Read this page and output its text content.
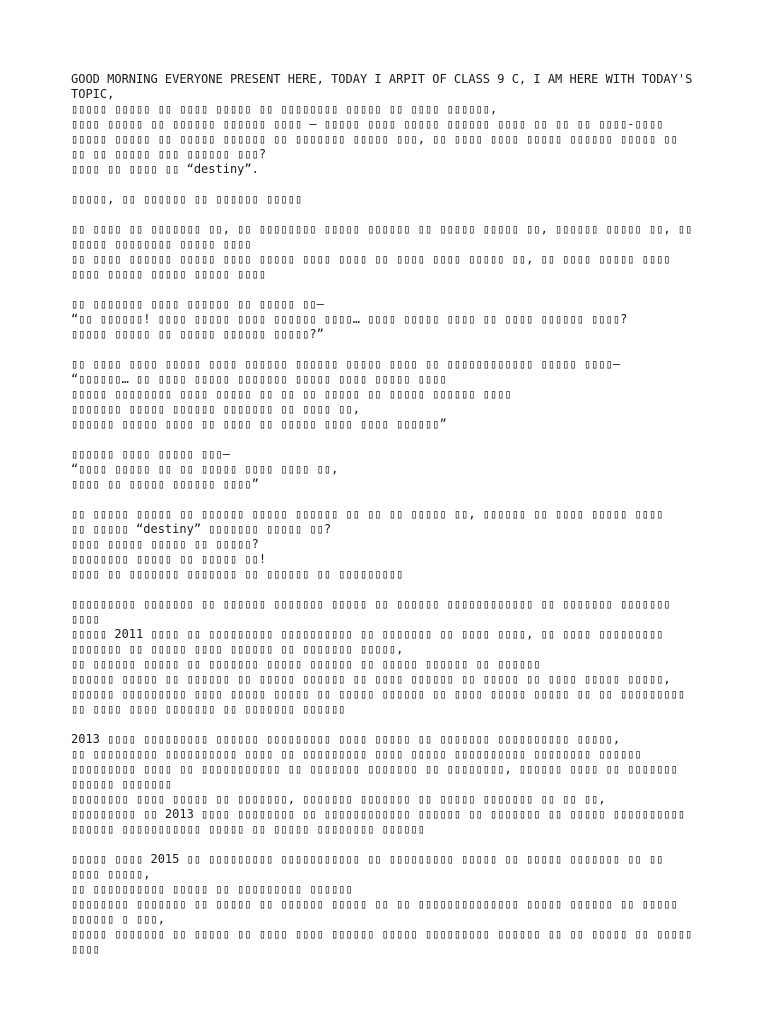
GOOD MORNING EVERYONE PRESENT HERE, TODAY I ARPIT OF CLASS 9 C, I AM HERE WITH TODAY'S TOPIC,
▯▯▯▯▯ ▯▯▯▯▯ ▯▯ ▯▯▯▯ ▯▯▯▯▯ ▯▯ ▯▯▯▯▯▯▯▯ ▯▯▯▯▯ ▯▯ ▯▯▯▯ ▯▯▯▯▯▯,
▯▯▯▯ ▯▯▯▯▯ ▯▯ ▯▯▯▯▯▯ ▯▯▯▯▯▯ ▯▯▯▯ — ▯▯▯▯▯ ▯▯▯▯ ▯▯▯▯▯ ▯▯▯▯▯▯ ▯▯▯▯ ▯▯ ▯▯ ▯▯ ▯▯▯▯-▯▯▯▯ ▯▯▯▯▯ ▯▯▯▯▯ ▯▯ ▯▯▯▯▯ ▯▯▯▯▯▯ ▯▯ ▯▯▯▯▯▯▯ ▯▯▯▯▯ ▯▯▯, ▯▯ ▯▯▯▯ ▯▯▯▯ ▯▯▯▯▯ ▯▯▯▯▯▯ ▯▯▯▯▯ ▯▯ ▯▯ ▯▯ ▯▯▯▯▯ ▯▯▯ ▯▯▯▯▯▯ ▯▯▯?
▯▯▯▯ ▯▯ ▯▯▯▯ ▯▯ “destiny”.
▯▯▯▯▯, ▯▯ ▯▯▯▯▯▯ ▯▯ ▯▯▯▯▯▯ ▯▯▯▯▯
▯▯ ▯▯▯▯ ▯▯ ▯▯▯▯▯▯▯ ▯▯, ▯▯ ▯▯▯▯▯▯▯▯ ▯▯▯▯▯ ▯▯▯▯▯▯ ▯▯ ▯▯▯▯▯ ▯▯▯▯▯ ▯▯, ▯▯▯▯▯▯ ▯▯▯▯▯ ▯▯, ▯▯ ▯▯▯▯▯ ▯▯▯▯▯▯▯▯ ▯▯▯▯▯ ▯▯▯▯
▯▯ ▯▯▯▯ ▯▯▯▯▯▯ ▯▯▯▯▯ ▯▯▯▯ ▯▯▯▯▯ ▯▯▯▯ ▯▯▯▯ ▯▯ ▯▯▯▯ ▯▯▯▯ ▯▯▯▯▯ ▯▯, ▯▯ ▯▯▯▯ ▯▯▯▯▯ ▯▯▯▯ ▯▯▯▯ ▯▯▯▯▯ ▯▯▯▯▯ ▯▯▯▯▯ ▯▯▯▯
▯▯ ▯▯▯▯▯▯▯ ▯▯▯▯ ▯▯▯▯▯▯ ▯▯ ▯▯▯▯▯ ▯▯—
“▯▯ ▯▯▯▯▯▯! ▯▯▯▯ ▯▯▯▯▯ ▯▯▯▯ ▯▯▯▯▯▯ ▯▯▯▯… ▯▯▯▯ ▯▯▯▯▯ ▯▯▯▯ ▯▯ ▯▯▯▯ ▯▯▯▯▯▯ ▯▯▯▯?
▯▯▯▯▯ ▯▯▯▯▯ ▯▯ ▯▯▯▯▯ ▯▯▯▯▯▯ ▯▯▯▯▯?”
▯▯ ▯▯▯▯ ▯▯▯▯ ▯▯▯▯▯ ▯▯▯▯ ▯▯▯▯▯▯ ▯▯▯▯▯▯ ▯▯▯▯▯ ▯▯▯▯ ▯▯ ▯▯▯▯▯▯▯▯▯▯▯▯ ▯▯▯▯▯ ▯▯▯▯—
“▯▯▯▯▯▯… ▯▯ ▯▯▯▯ ▯▯▯▯▯ ▯▯▯▯▯▯▯ ▯▯▯▯▯ ▯▯▯▯ ▯▯▯▯▯ ▯▯▯▯
▯▯▯▯▯ ▯▯▯▯▯▯▯▯ ▯▯▯▯ ▯▯▯▯▯ ▯▯ ▯▯ ▯▯ ▯▯▯▯▯ ▯▯ ▯▯▯▯▯ ▯▯▯▯▯▯ ▯▯▯▯
▯▯▯▯▯▯▯ ▯▯▯▯▯ ▯▯▯▯▯▯ ▯▯▯▯▯▯▯ ▯▯ ▯▯▯▯ ▯▯,
▯▯▯▯▯▯ ▯▯▯▯▯ ▯▯▯▯ ▯▯ ▯▯▯▯ ▯▯ ▯▯▯▯▯ ▯▯▯▯ ▯▯▯▯ ▯▯▯▯▯▯”
▯▯▯▯▯▯ ▯▯▯▯ ▯▯▯▯▯ ▯▯▯—
“▯▯▯▯ ▯▯▯▯▯ ▯▯ ▯▯ ▯▯▯▯▯ ▯▯▯▯ ▯▯▯▯ ▯▯,
▯▯▯▯ ▯▯ ▯▯▯▯▯ ▯▯▯▯▯▯ ▯▯▯▯”
▯▯ ▯▯▯▯▯ ▯▯▯▯▯ ▯▯ ▯▯▯▯▯▯ ▯▯▯▯▯ ▯▯▯▯▯▯ ▯▯ ▯▯ ▯▯ ▯▯▯▯▯ ▯▯, ▯▯▯▯▯▯ ▯▯ ▯▯▯▯ ▯▯▯▯▯ ▯▯▯▯
▯▯ ▯▯▯▯▯ “destiny” ▯▯▯▯▯▯▯ ▯▯▯▯▯ ▯▯?
▯▯▯▯ ▯▯▯▯▯ ▯▯▯▯▯ ▯▯ ▯▯▯▯▯?
▯▯▯▯▯▯▯▯ ▯▯▯▯▯ ▯▯ ▯▯▯▯▯ ▯▯!
▯▯▯▯ ▯▯ ▯▯▯▯▯▯▯ ▯▯▯▯▯▯▯ ▯▯ ▯▯▯▯▯▯ ▯▯ ▯▯▯▯▯▯▯▯▯
▯▯▯▯▯▯▯▯▯ ▯▯▯▯▯▯▯ ▯▯ ▯▯▯▯▯▯ ▯▯▯▯▯▯▯ ▯▯▯▯▯ ▯▯ ▯▯▯▯▯▯ ▯▯▯▯▯▯▯▯▯▯▯▯ ▯▯ ▯▯▯▯▯▯▯ ▯▯▯▯▯▯▯ ▯▯▯▯
▯▯▯▯▯ 2011 ▯▯▯▯ ▯▯ ▯▯▯▯▯▯▯▯▯ ▯▯▯▯▯▯▯▯▯▯ ▯▯ ▯▯▯▯▯▯▯ ▯▯ ▯▯▯▯ ▯▯▯▯, ▯▯ ▯▯▯▯ ▯▯▯▯▯▯▯▯▯ ▯▯▯▯▯▯▯ ▯▯ ▯▯▯▯▯ ▯▯▯▯ ▯▯▯▯▯▯ ▯▯ ▯▯▯▯▯▯▯ ▯▯▯▯▯,
▯▯ ▯▯▯▯▯▯ ▯▯▯▯▯ ▯▯ ▯▯▯▯▯▯▯ ▯▯▯▯▯ ▯▯▯▯▯▯ ▯▯ ▯▯▯▯▯ ▯▯▯▯▯▯ ▯▯ ▯▯▯▯▯▯
▯▯▯▯▯▯ ▯▯▯▯▯ ▯▯ ▯▯▯▯▯▯ ▯▯ ▯▯▯▯▯ ▯▯▯▯▯▯ ▯▯ ▯▯▯▯ ▯▯▯▯▯▯ ▯▯ ▯▯▯▯▯ ▯▯ ▯▯▯▯ ▯▯▯▯▯ ▯▯▯▯▯,
▯▯▯▯▯▯ ▯▯▯▯▯▯▯▯▯ ▯▯▯▯ ▯▯▯▯▯ ▯▯▯▯▯ ▯▯ ▯▯▯▯▯ ▯▯▯▯▯▯ ▯▯ ▯▯▯▯ ▯▯▯▯▯ ▯▯▯▯▯ ▯▯ ▯▯ ▯▯▯▯▯▯▯▯▯ ▯▯ ▯▯▯▯ ▯▯▯▯ ▯▯▯▯▯▯▯ ▯▯ ▯▯▯▯▯▯▯ ▯▯▯▯▯▯
2013 ▯▯▯▯ ▯▯▯▯▯▯▯▯▯ ▯▯▯▯▯▯ ▯▯▯▯▯▯▯▯▯ ▯▯▯▯ ▯▯▯▯▯ ▯▯ ▯▯▯▯▯▯▯ ▯▯▯▯▯▯▯▯▯▯ ▯▯▯▯▯,
▯▯ ▯▯▯▯▯▯▯▯▯ ▯▯▯▯▯▯▯▯▯▯ ▯▯▯▯ ▯▯ ▯▯▯▯▯▯▯▯▯ ▯▯▯▯ ▯▯▯▯▯ ▯▯▯▯▯▯▯▯▯▯ ▯▯▯▯▯▯▯▯ ▯▯▯▯▯▯
▯▯▯▯▯▯▯▯▯ ▯▯▯▯ ▯▯ ▯▯▯▯▯▯▯▯▯▯▯ ▯▯ ▯▯▯▯▯▯▯ ▯▯▯▯▯▯▯ ▯▯ ▯▯▯▯▯▯▯▯, ▯▯▯▯▯▯ ▯▯▯▯ ▯▯ ▯▯▯▯▯▯▯ ▯▯▯▯▯▯ ▯▯▯▯▯▯▯
▯▯▯▯▯▯▯▯ ▯▯▯▯ ▯▯▯▯▯ ▯▯ ▯▯▯▯▯▯▯, ▯▯▯▯▯▯▯ ▯▯▯▯▯▯▯ ▯▯ ▯▯▯▯▯ ▯▯▯▯▯▯▯ ▯▯ ▯▯ ▯▯,
▯▯▯▯▯▯▯▯▯ ▯▯ 2013 ▯▯▯▯ ▯▯▯▯▯▯▯▯ ▯▯ ▯▯▯▯▯▯▯▯▯▯▯▯ ▯▯▯▯▯▯ ▯▯ ▯▯▯▯▯▯▯ ▯▯ ▯▯▯▯▯ ▯▯▯▯▯▯▯▯▯▯ ▯▯▯▯▯▯ ▯▯▯▯▯▯▯▯▯▯▯ ▯▯▯▯▯ ▯▯ ▯▯▯▯▯ ▯▯▯▯▯▯▯▯ ▯▯▯▯▯▯
▯▯▯▯▯ ▯▯▯▯ 2015 ▯▯ ▯▯▯▯▯▯▯▯▯ ▯▯▯▯▯▯▯▯▯▯▯ ▯▯ ▯▯▯▯▯▯▯▯▯ ▯▯▯▯▯ ▯▯ ▯▯▯▯▯ ▯▯▯▯▯▯▯ ▯▯ ▯▯ ▯▯▯▯ ▯▯▯▯▯,
▯▯ ▯▯▯▯▯▯▯▯▯▯ ▯▯▯▯▯ ▯▯ ▯▯▯▯▯▯▯▯▯ ▯▯▯▯▯▯
▯▯▯▯▯▯▯▯ ▯▯▯▯▯▯▯ ▯▯ ▯▯▯▯▯ ▯▯ ▯▯▯▯▯▯ ▯▯▯▯▯ ▯▯ ▯▯ ▯▯▯▯▯▯▯▯▯▯▯▯▯▯ ▯▯▯▯▯ ▯▯▯▯▯▯ ▯▯ ▯▯▯▯▯ ▯▯▯▯▯▯ ▯ ▯▯▯,
▯▯▯▯▯ ▯▯▯▯▯▯▯ ▯▯ ▯▯▯▯▯ ▯▯ ▯▯▯▯ ▯▯▯▯ ▯▯▯▯▯▯ ▯▯▯▯▯ ▯▯▯▯▯▯▯▯▯ ▯▯▯▯▯▯ ▯▯ ▯▯ ▯▯▯▯▯ ▯▯ ▯▯▯▯▯ ▯▯▯▯
